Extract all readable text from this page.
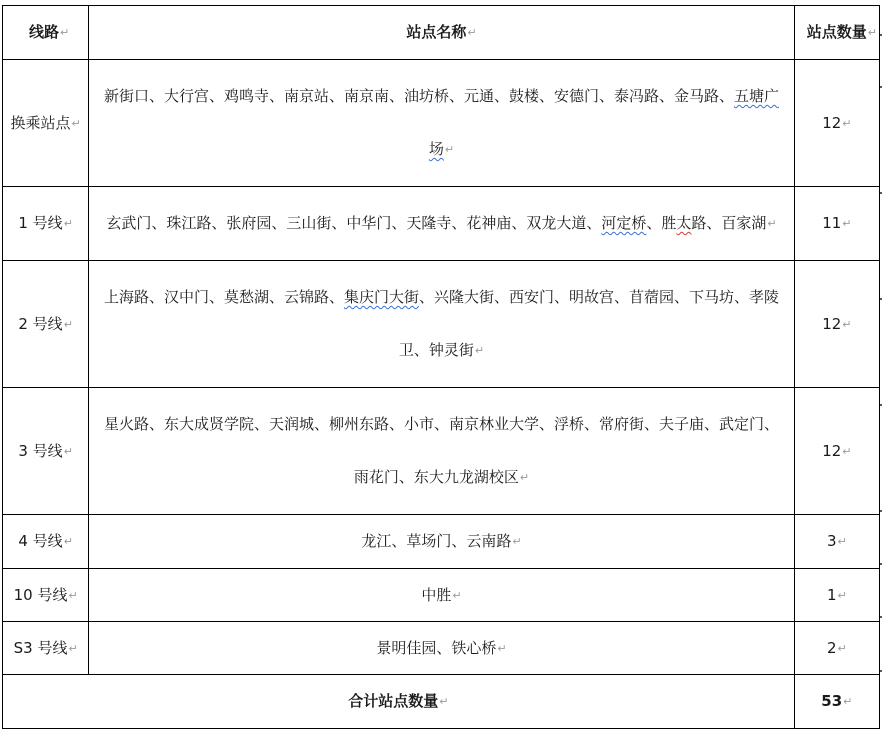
线路↵	站点名称↵	站点数量↵
换乘站点↵	新街口、大行宫、鸡鸣寺、南京站、南京南、油坊桥、元通、鼓楼、安德门、泰冯路、金马路、五塘广场↵	12↵
1 号线↵	玄武门、珠江路、张府园、三山街、中华门、天隆寺、花神庙、双龙大道、河定桥、胜太路、百家湖↵	11↵
2 号线↵	上海路、汉中门、莫愁湖、云锦路、集庆门大街、兴隆大街、西安门、明故宫、苜蓿园、下马坊、孝陵卫、钟灵街↵	12↵
3 号线↵	星火路、东大成贤学院、天润城、柳州东路、小市、南京林业大学、浮桥、常府街、夫子庙、武定门、雨花门、东大九龙湖校区↵	12↵
4 号线↵	龙江、草场门、云南路↵	3↵
10 号线↵	中胜↵	1↵
S3 号线↵	景明佳园、铁心桥↵	2↵
合计站点数量↵		53↵
